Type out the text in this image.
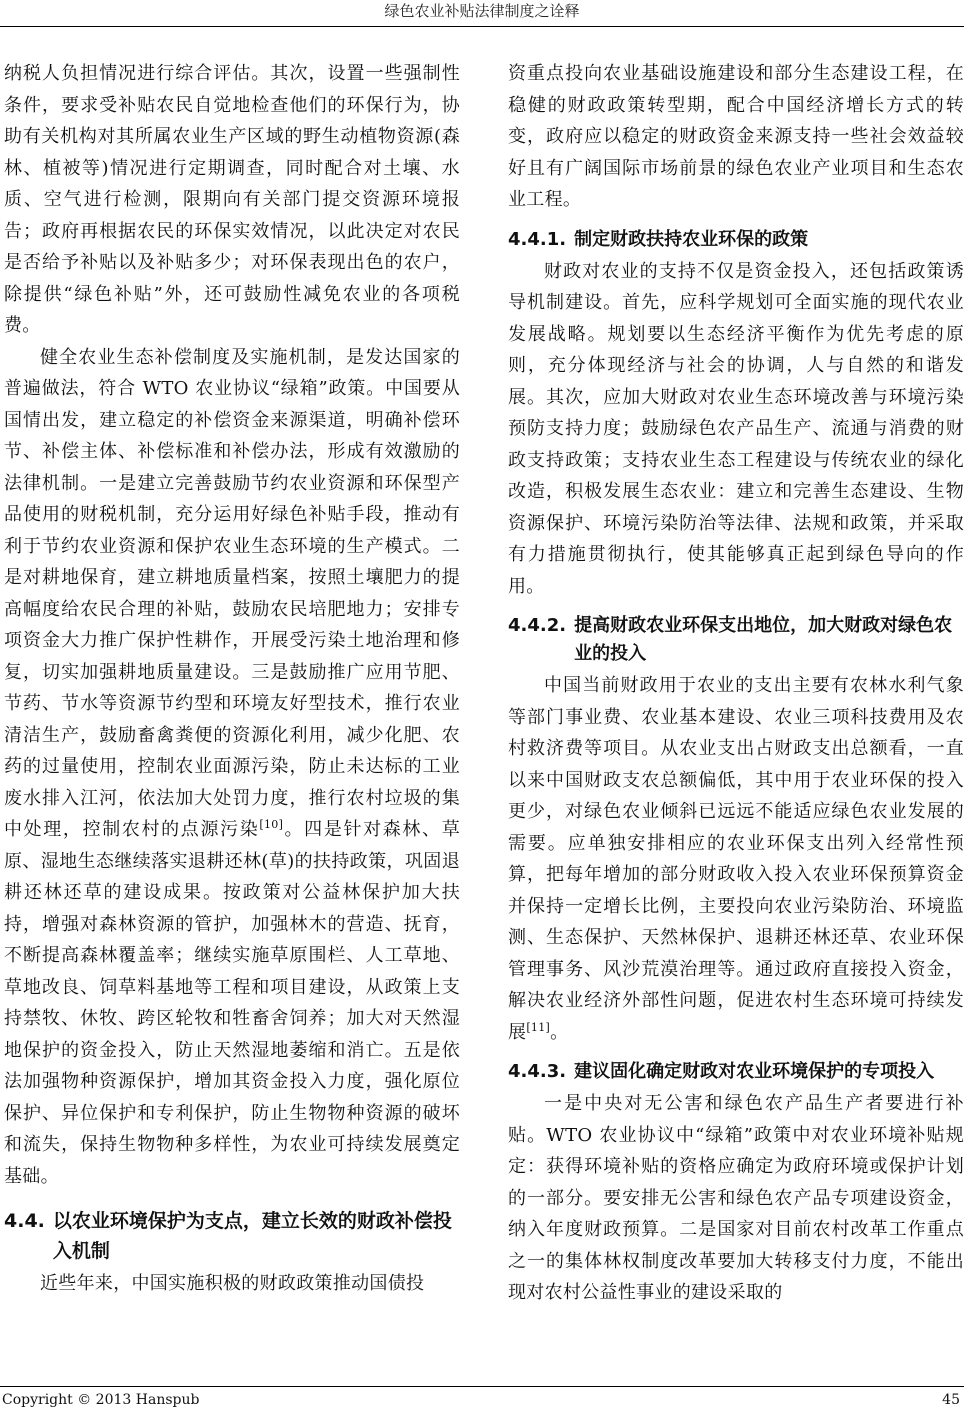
绿色农业补贴法律制度之诠释

纳税人负担情况进行综合评估。其次，设置一些强制性条件，要求受补贴农民自觉地检查他们的环保行为，协助有关机构对其所属农业生产区域的野生动植物资源(森林、植被等)情况进行定期调查，同时配合对土壤、水质、空气进行检测，限期向有关部门提交资源环境报告；政府再根据农民的环保实效情况，以此决定对农民是否给予补贴以及补贴多少；对环保表现出色的农户，除提供“绿色补贴”外，还可鼓励性减免农业的各项税费。

健全农业生态补偿制度及实施机制，是发达国家的普遍做法，符合 WTO 农业协议“绿箱”政策。中国要从国情出发，建立稳定的补偿资金来源渠道，明确补偿环节、补偿主体、补偿标准和补偿办法，形成有效激励的法律机制。一是建立完善鼓励节约农业资源和环保型产品使用的财税机制，充分运用好绿色补贴手段，推动有利于节约农业资源和保护农业生态环境的生产模式。二是对耕地保育，建立耕地质量档案，按照土壤肥力的提高幅度给农民合理的补贴，鼓励农民培肥地力；安排专项资金大力推广保护性耕作，开展受污染土地治理和修复，切实加强耕地质量建设。三是鼓励推广应用节肥、节药、节水等资源节约型和环境友好型技术，推行农业清洁生产，鼓励畜禽粪便的资源化利用，减少化肥、农药的过量使用，控制农业面源污染，防止未达标的工业废水排入江河，依法加大处罚力度，推行农村垃圾的集中处理，控制农村的点源污染[10]。四是针对森林、草原、湿地生态继续落实退耕还林(草)的扶持政策，巩固退耕还林还草的建设成果。按政策对公益林保护加大扶持，增强对森林资源的管护，加强林木的营造、抚育，不断提高森林覆盖率；继续实施草原围栏、人工草地、草地改良、饲草料基地等工程和项目建设，从政策上支持禁牧、休牧、跨区轮牧和牲畜舍饲养；加大对天然湿地保护的资金投入，防止天然湿地萎缩和消亡。五是依法加强物种资源保护，增加其资金投入力度，强化原位保护、异位保护和专利保护，防止生物物种资源的破坏和流失，保持生物物种多样性，为农业可持续发展奠定基础。

4.4. 以农业环境保护为支点，建立长效的财政补偿投入机制

近些年来，中国实施积极的财政政策推动国债投

资重点投向农业基础设施建设和部分生态建设工程，在稳健的财政政策转型期，配合中国经济增长方式的转变，政府应以稳定的财政资金来源支持一些社会效益较好且有广阔国际市场前景的绿色农业产业项目和生态农业工程。

4.4.1. 制定财政扶持农业环保的政策

财政对农业的支持不仅是资金投入，还包括政策诱导机制建设。首先，应科学规划可全面实施的现代农业发展战略。规划要以生态经济平衡作为优先考虑的原则，充分体现经济与社会的协调，人与自然的和谐发展。其次，应加大财政对农业生态环境改善与环境污染预防支持力度；鼓励绿色农产品生产、流通与消费的财政支持政策；支持农业生态工程建设与传统农业的绿化改造，积极发展生态农业：建立和完善生态建设、生物资源保护、环境污染防治等法律、法规和政策，并采取有力措施贯彻执行，使其能够真正起到绿色导向的作用。

4.4.2. 提高财政农业环保支出地位，加大财政对绿色农业的投入

中国当前财政用于农业的支出主要有农林水利气象等部门事业费、农业基本建设、农业三项科技费用及农村救济费等项目。从农业支出占财政支出总额看，一直以来中国财政支农总额偏低，其中用于农业环保的投入更少，对绿色农业倾斜已远远不能适应绿色农业发展的需要。应单独安排相应的农业环保支出列入经常性预算，把每年增加的部分财政收入投入农业环保预算资金并保持一定增长比例，主要投向农业污染防治、环境监测、生态保护、天然林保护、退耕还林还草、农业环保管理事务、风沙荒漠治理等。通过政府直接投入资金，解决农业经济外部性问题，促进农村生态环境可持续发展[11]。

4.4.3. 建议固化确定财政对农业环境保护的专项投入

一是中央对无公害和绿色农产品生产者要进行补贴。WTO 农业协议中“绿箱”政策中对农业环境补贴规定：获得环境补贴的资格应确定为政府环境或保护计划的一部分。要安排无公害和绿色农产品专项建设资金，纳入年度财政预算。二是国家对目前农村改革工作重点之一的集体林权制度改革要加大转移支付力度，不能出现对农村公益性事业的建设采取的

Copyright © 2013 Hanspub	45
